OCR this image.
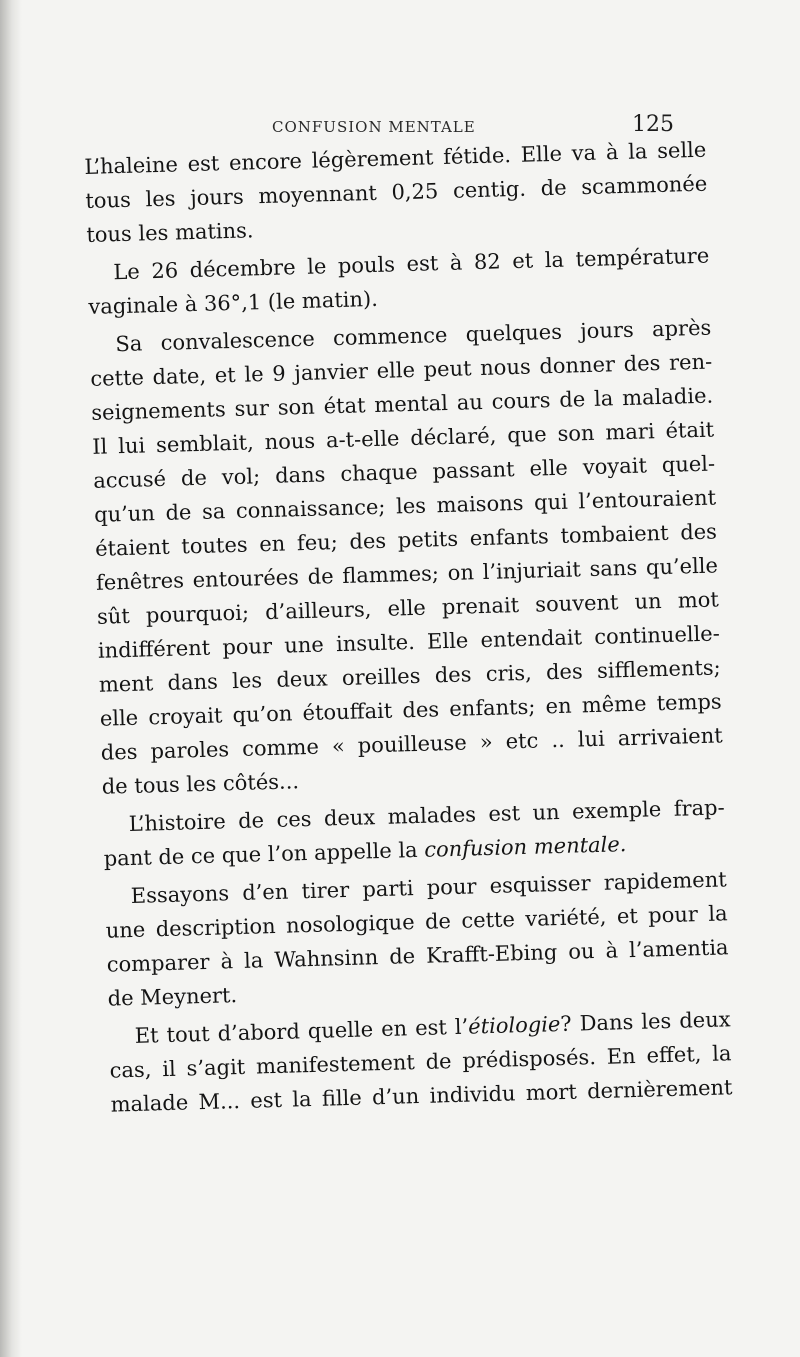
CONFUSION MENTALE	125
L’haleine est encore légèrement fétide. Elle va à la selle
tous les jours moyennant 0,25 centig. de scammonée
tous les matins.
Le 26 décembre le pouls est à 82 et la température
vaginale à 36°,1 (le matin).
Sa convalescence commence quelques jours après
cette date, et le 9 janvier elle peut nous donner des ren-
seignements sur son état mental au cours de la maladie.
Il lui semblait, nous a-t-elle déclaré, que son mari était
accusé de vol; dans chaque passant elle voyait quel-
qu’un de sa connaissance; les maisons qui l’entouraient
étaient toutes en feu; des petits enfants tombaient des
fenêtres entourées de flammes; on l’injuriait sans qu’elle
sût pourquoi; d’ailleurs, elle prenait souvent un mot
indifférent pour une insulte. Elle entendait continuelle-
ment dans les deux oreilles des cris, des sifflements;
elle croyait qu’on étouffait des enfants; en même temps
des paroles comme « pouilleuse » etc .. lui arrivaient
de tous les côtés...
L’histoire de ces deux malades est un exemple frap-
pant de ce que l’on appelle la confusion mentale.
Essayons d’en tirer parti pour esquisser rapidement
une description nosologique de cette variété, et pour la
comparer à la Wahnsinn de Krafft-Ebing ou à l’amentia
de Meynert.
Et tout d’abord quelle en est l’étiologie? Dans les deux
cas, il s’agit manifestement de prédisposés. En effet, la
malade M... est la fille d’un individu mort dernièrement
